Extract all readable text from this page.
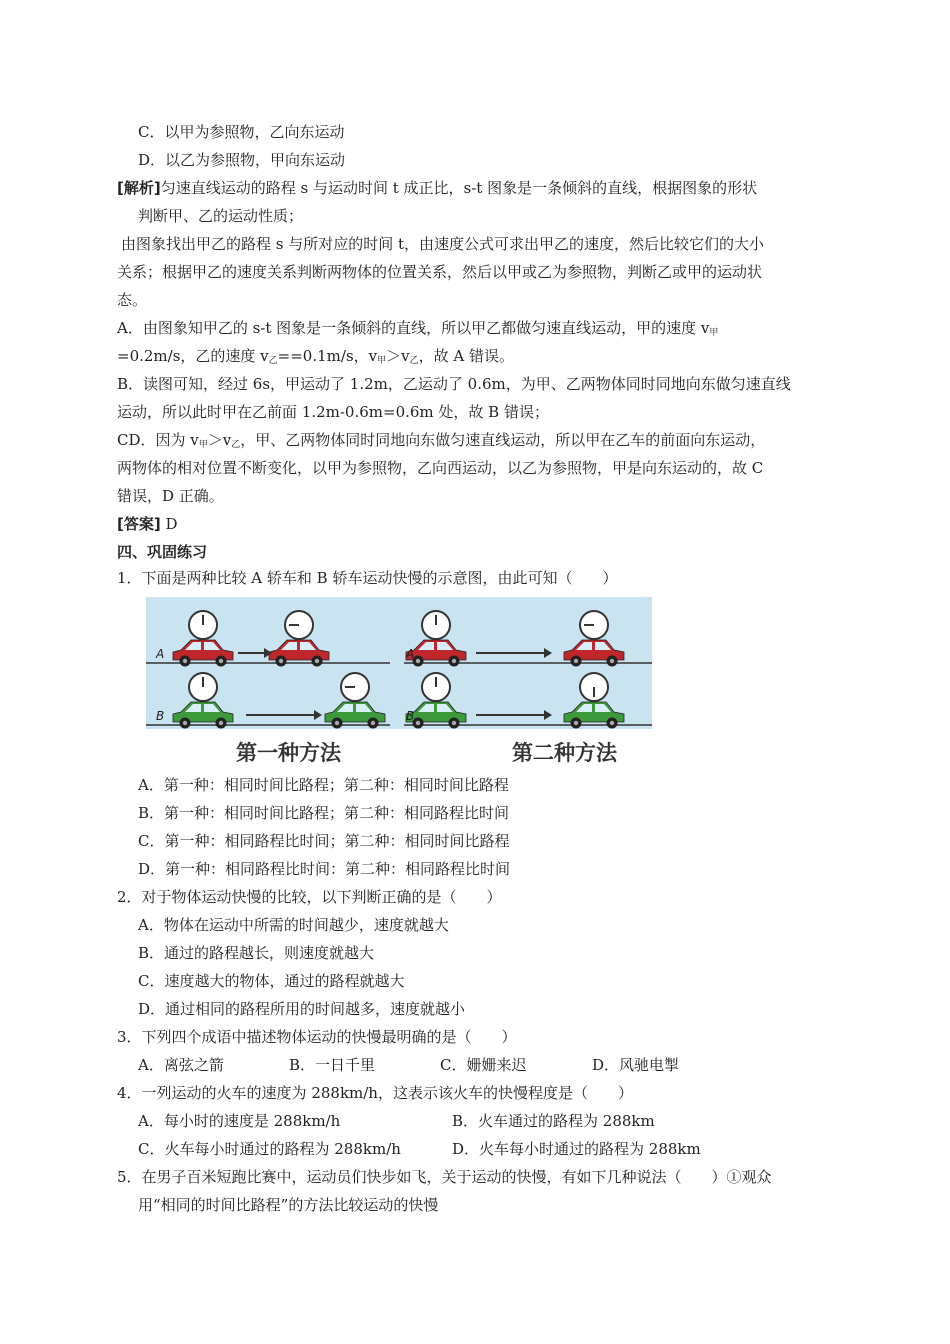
C．以甲为参照物，乙向东运动
D．以乙为参照物，甲向东运动
[解析]匀速直线运动的路程 s 与运动时间 t 成正比，s-t 图象是一条倾斜的直线，根据图象的形状
判断甲、乙的运动性质；
由图象找出甲乙的路程 s 与所对应的时间 t，由速度公式可求出甲乙的速度，然后比较它们的大小
关系；根据甲乙的速度关系判断两物体的位置关系，然后以甲或乙为参照物，判断乙或甲的运动状
态。
A．由图象知甲乙的 s-t 图象是一条倾斜的直线，所以甲乙都做匀速直线运动，甲的速度 $v_甲$
=0.2m/s，乙的速度 $v_乙==0.1m/s$，$v_甲>v_乙$，故 A 错误。
B．读图可知，经过 6s，甲运动了 1.2m，乙运动了 0.6m，为甲、乙两物体同时同地向东做匀速直线
运动，所以此时甲在乙前面 1.2m-0.6m=0.6m 处，故 B 错误；
CD．因为 $v_甲>v_乙$，甲、乙两物体同时同地向东做匀速直线运动，所以甲在乙车的前面向东运动，
两物体的相对位置不断变化，以甲为参照物，乙向西运动，以乙为参照物，甲是向东运动的，故 C
错误，D 正确。
[答案] D
四、巩固练习
1．下面是两种比较 A 轿车和 B 轿车运动快慢的示意图，由此可知（　　）
A
B
A
B
第一种方法	第二种方法
A．第一种：相同时间比路程；第二种：相同时间比路程
B．第一种：相同时间比路程；第二种：相同路程比时间
C．第一种：相同路程比时间；第二种：相同时间比路程
D．第一种：相同路程比时间：第二种：相同路程比时间
2．对于物体运动快慢的比较，以下判断正确的是（　　）
A．物体在运动中所需的时间越少，速度就越大
B．通过的路程越长，则速度就越大
C．速度越大的物体，通过的路程就越大
D．通过相同的路程所用的时间越多，速度就越小
3．下列四个成语中描述物体运动的快慢最明确的是（　　）
A．离弦之箭	B．一日千里	C．姗姗来迟	D．风驰电掣
4．一列运动的火车的速度为 288km/h，这表示该火车的快慢程度是（　　）
A．每小时的速度是 288km/h	B．火车通过的路程为 288km
C．火车每小时通过的路程为 288km/h	D．火车每小时通过的路程为 288km
5．在男子百米短跑比赛中，运动员们快步如飞，关于运动的快慢，有如下几种说法（　　）①观众
用“相同的时间比路程”的方法比较运动的快慢
